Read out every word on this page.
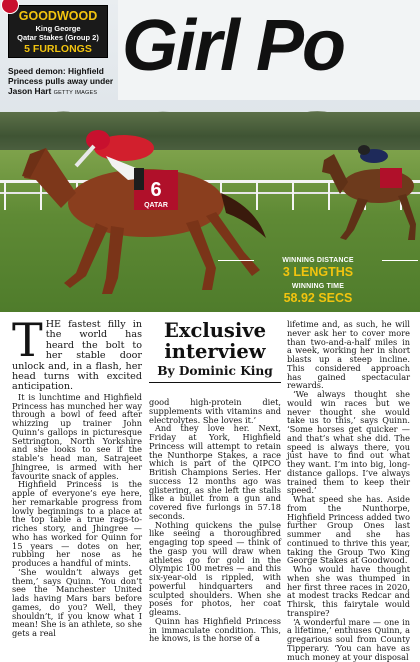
6
QATAR
Girl Po
GOODWOOD
King George
Qatar Stakes (Group 2)
5 FURLONGS
Speed demon: Highfield Princess pulls away under Jason Hart GETTY IMAGES
WINNING DISTANCE
3 LENGTHS
WINNING TIME
58.92 SECS

THE fastest filly in the world has heard the bolt to her stable door unlock and, in a flash, her head turns with excited anticipation.

It is lunchtime and Highfield Princess has munched her way through a bowl of feed after whizzing up trainer John Quinn’s gallops in picturesque Settrington, North Yorkshire and she looks to see if the stable’s head man, Satrajeet Jhingree, is armed with her favourite snack of apples.

Highfield Princess is the apple of everyone’s eye here, her remarkable progress from lowly beginnings to a place at the top table a true rags-to-riches story, and Jhingree — who has worked for Quinn for 15 years — dotes on her, rubbing her nose as he produces a handful of mints.

‘She wouldn’t always get them,’ says Quinn. ‘You don’t see the Manchester United lads having Mars bars before games, do you? Well, they shouldn’t, if you know what I mean! She is an athlete, so she gets a real

Exclusive interview
By Dominic King

good high-protein diet, supplements with vitamins and electrolytes. She loves it.’

And they love her. Next, Friday at York, Highfield Princess will attempt to retain the Nunthorpe Stakes, a race which is part of the QIPCO British Champions Series. Her success 12 months ago was glistering, as she left the stalls like a bullet from a gun and covered five furlongs in 57.18 seconds.

Nothing quickens the pulse like seeing a thoroughbred engaging top speed — think of the gasp you will draw when athletes go for gold in the Olympic 100 metres — and this six-year-old is rippled, with powerful hindquarters and sculpted shoulders. When she poses for photos, her coat gleams.

Quinn has Highfield Princess in immaculate condition. This, he knows, is the horse of a

lifetime and, as such, he will never ask her to cover more than two-and-a-half miles in a week, working her in short blasts up a steep incline. This considered approach has gained spectacular rewards.

‘We always thought she would win races but we never thought she would take us to this,’ says Quinn. ‘Some horses get quicker — and that’s what she did. The speed is always there, you just have to find out what they want. I’m into big, long-distance gallops. I’ve always trained them to keep their speed.’

What speed she has. Aside from the Nunthorpe, Highfield Princess added two further Group Ones last summer and she has continued to thrive this year, taking the Group Two King George Stakes at Goodwood.

Who would have thought when she was thumped in her first three races in 2020, at modest tracks Redcar and Thirsk, this fairytale would transpire?

‘A wonderful mare — one in a lifetime,’ enthuses Quinn, a gregarious soul from County Tipperary. ‘You can have as much money at your disposal
